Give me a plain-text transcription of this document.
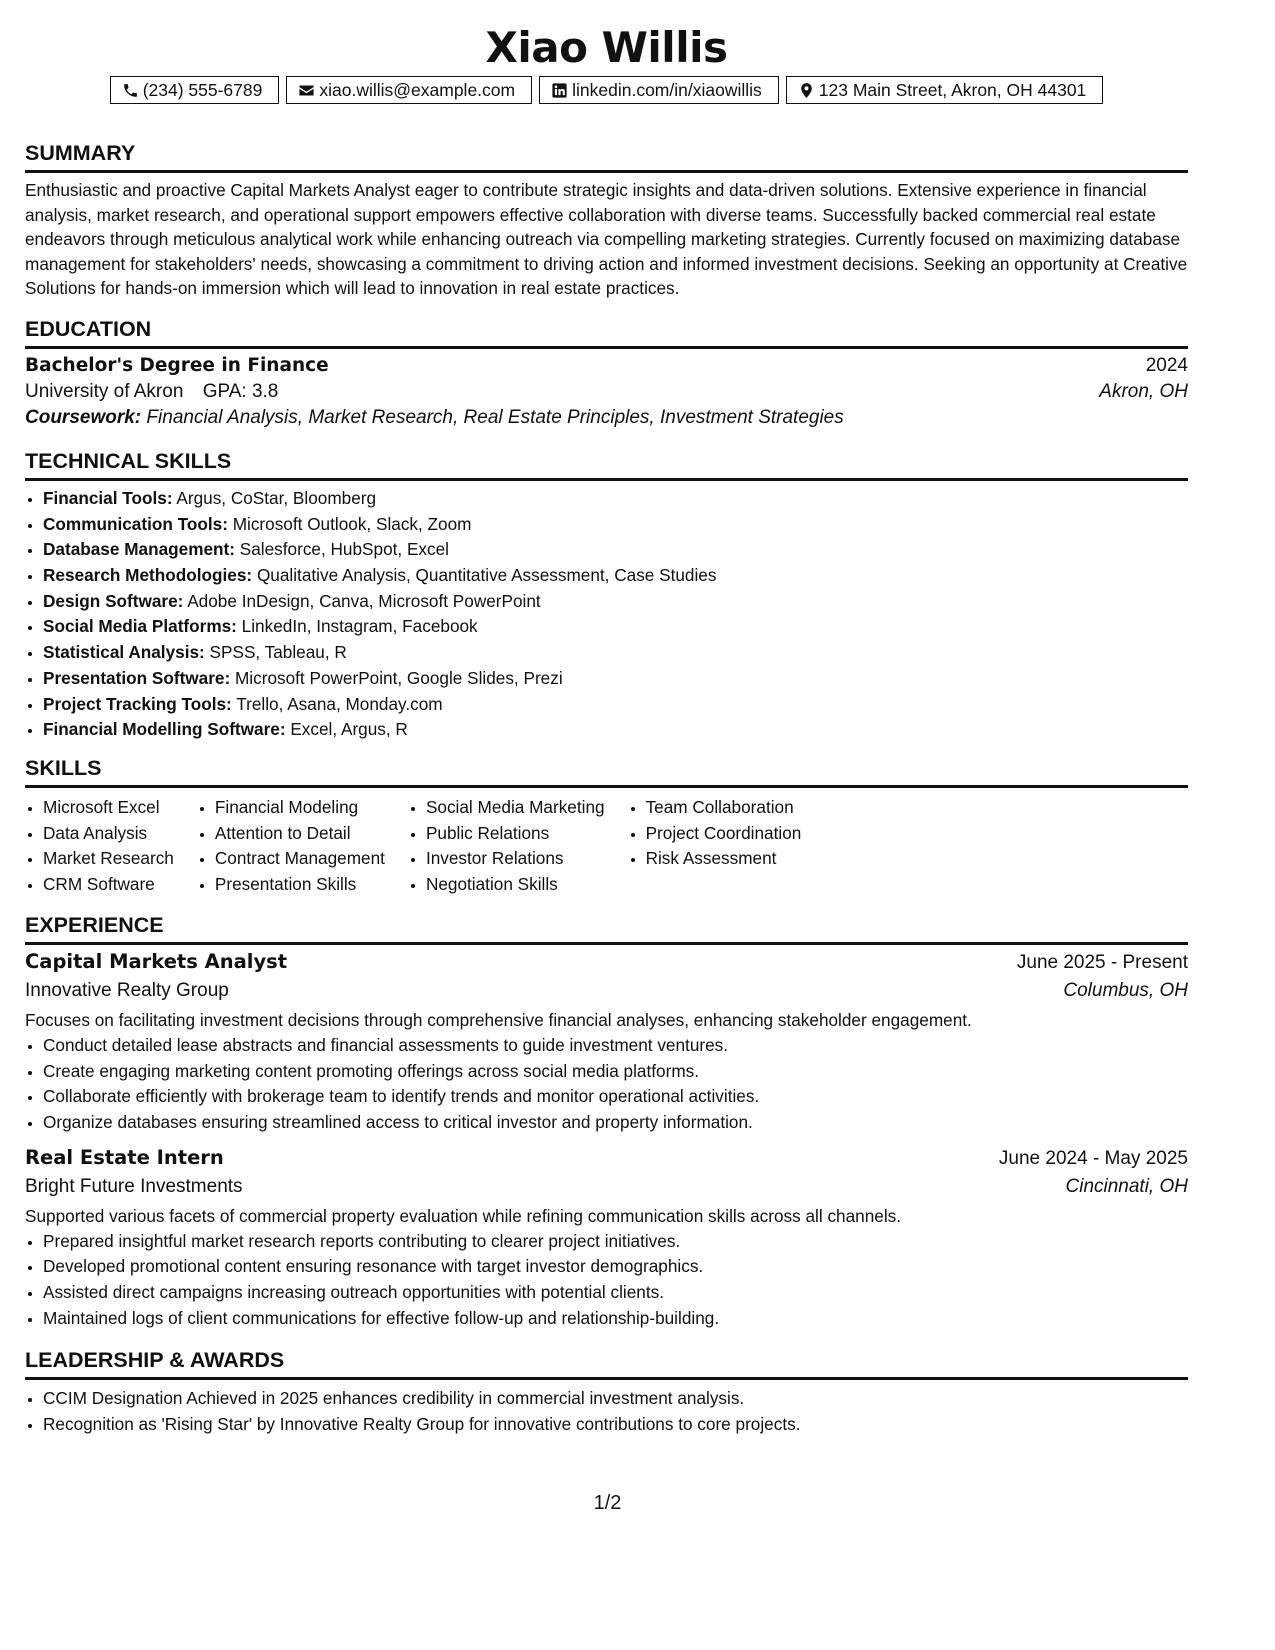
Xiao Willis
(234) 555-6789	xiao.willis@example.com	linkedin.com/in/xiaowillis	123 Main Street, Akron, OH 44301
SUMMARY

Enthusiastic and proactive Capital Markets Analyst eager to contribute strategic insights and data-driven solutions. Extensive experience in financial analysis, market research, and operational support empowers effective collaboration with diverse teams. Successfully backed commercial real estate endeavors through meticulous analytical work while enhancing outreach via compelling marketing strategies. Currently focused on maximizing database management for stakeholders' needs, showcasing a commitment to driving action and informed investment decisions. Seeking an opportunity at Creative Solutions for hands-on immersion which will lead to innovation in real estate practices.

EDUCATION
Bachelor's Degree in Finance	2024
University of Akron GPA: 3.8	Akron, OH
Coursework: Financial Analysis, Market Research, Real Estate Principles, Investment Strategies
TECHNICAL SKILLS
• Financial Tools: Argus, CoStar, Bloomberg
• Communication Tools: Microsoft Outlook, Slack, Zoom
• Database Management: Salesforce, HubSpot, Excel
• Research Methodologies: Qualitative Analysis, Quantitative Assessment, Case Studies
• Design Software: Adobe InDesign, Canva, Microsoft PowerPoint
• Social Media Platforms: LinkedIn, Instagram, Facebook
• Statistical Analysis: SPSS, Tableau, R
• Presentation Software: Microsoft PowerPoint, Google Slides, Prezi
• Project Tracking Tools: Trello, Asana, Monday.com
• Financial Modelling Software: Excel, Argus, R
SKILLS
• Microsoft Excel
• Data Analysis
• Market Research
• CRM Software
• Financial Modeling
• Attention to Detail
• Contract Management
• Presentation Skills
• Social Media Marketing
• Public Relations
• Investor Relations
• Negotiation Skills
• Team Collaboration
• Project Coordination
• Risk Assessment
EXPERIENCE
Capital Markets Analyst	June 2025 - Present
Innovative Realty Group	Columbus, OH

Focuses on facilitating investment decisions through comprehensive financial analyses, enhancing stakeholder engagement.

• Conduct detailed lease abstracts and financial assessments to guide investment ventures.
• Create engaging marketing content promoting offerings across social media platforms.
• Collaborate efficiently with brokerage team to identify trends and monitor operational activities.
• Organize databases ensuring streamlined access to critical investor and property information.
Real Estate Intern	June 2024 - May 2025
Bright Future Investments	Cincinnati, OH

Supported various facets of commercial property evaluation while refining communication skills across all channels.

• Prepared insightful market research reports contributing to clearer project initiatives.
• Developed promotional content ensuring resonance with target investor demographics.
• Assisted direct campaigns increasing outreach opportunities with potential clients.
• Maintained logs of client communications for effective follow-up and relationship-building.
LEADERSHIP & AWARDS
• CCIM Designation Achieved in 2025 enhances credibility in commercial investment analysis.
• Recognition as 'Rising Star' by Innovative Realty Group for innovative contributions to core projects.
1/2
